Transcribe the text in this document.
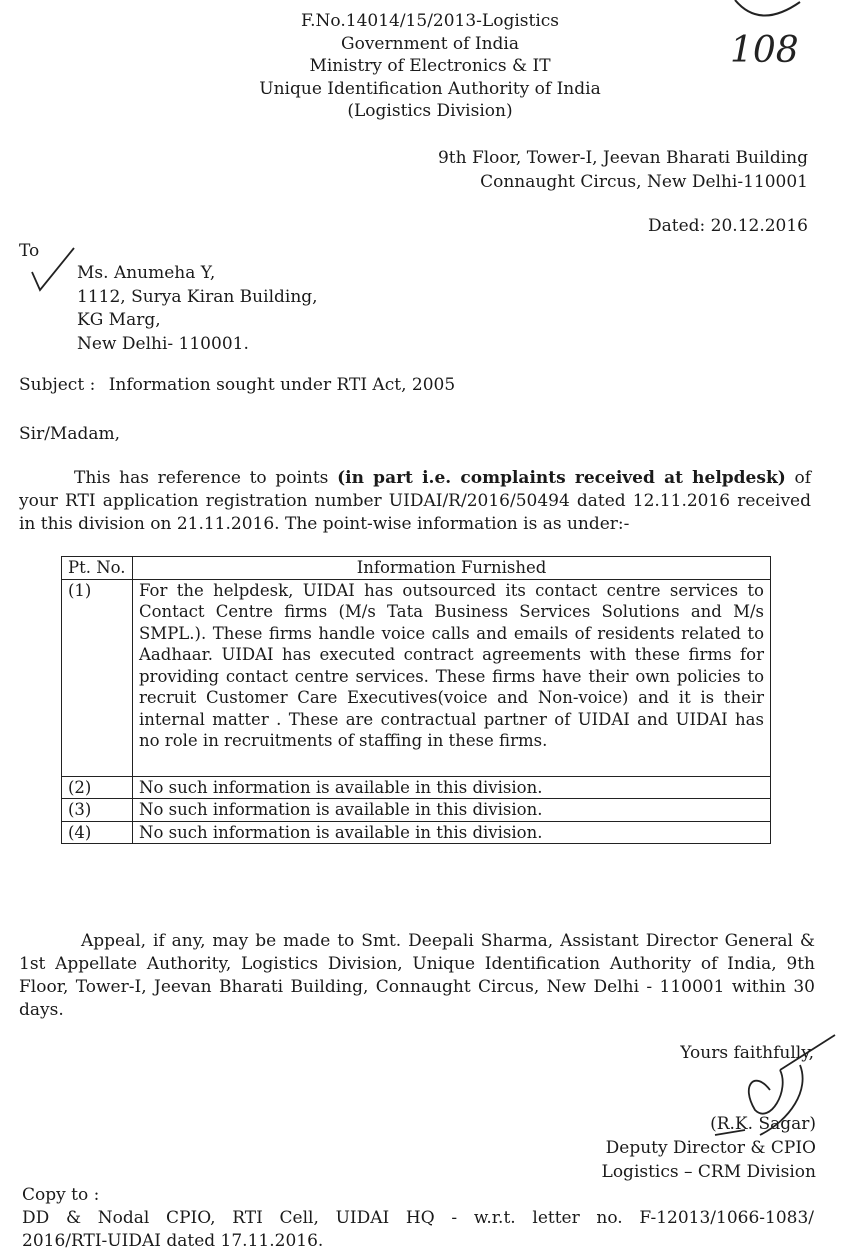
F.No.14014/15/2013-Logistics
Government of India
Ministry of Electronics & IT
Unique Identification Authority of India
(Logistics Division)
108
9th Floor, Tower-I, Jeevan Bharati Building
Connaught Circus, New Delhi-110001
Dated: 20.12.2016
To
Ms. Anumeha Y,
1112, Surya Kiran Building,
KG Marg,
New Delhi- 110001.
Subject : Information sought under RTI Act, 2005
Sir/Madam,
This has reference to points (in part i.e. complaints received at helpdesk) of your RTI application registration number UIDAI/R/2016/50494 dated 12.11.2016 received in this division on 21.11.2016. The point-wise information is as under:-
Pt. No.	Information Furnished
(1)	For the helpdesk, UIDAI has outsourced its contact centre services to Contact Centre firms (M/s Tata Business Services Solutions and M/s SMPL.). These firms handle voice calls and emails of residents related to Aadhaar. UIDAI has executed contract agreements with these firms for providing contact centre services. These firms have their own policies to recruit Customer Care Executives(voice and Non-voice) and it is their internal matter . These are contractual partner of UIDAI and UIDAI has no role in recruitments of staffing in these firms.
(2)	No such information is available in this division.
(3)	No such information is available in this division.
(4)	No such information is available in this division.
Appeal, if any, may be made to Smt. Deepali Sharma, Assistant Director General & 1st Appellate Authority, Logistics Division, Unique Identification Authority of India, 9th Floor, Tower-I, Jeevan Bharati Building, Connaught Circus, New Delhi - 110001 within 30 days.
Yours faithfully,
(R.K. Sagar)
Deputy Director & CPIO
Logistics – CRM Division
Copy to :
DD & Nodal CPIO, RTI Cell, UIDAI HQ - w.r.t. letter no. F-12013/1066-1083/
2016/RTI-UIDAI dated 17.11.2016.
